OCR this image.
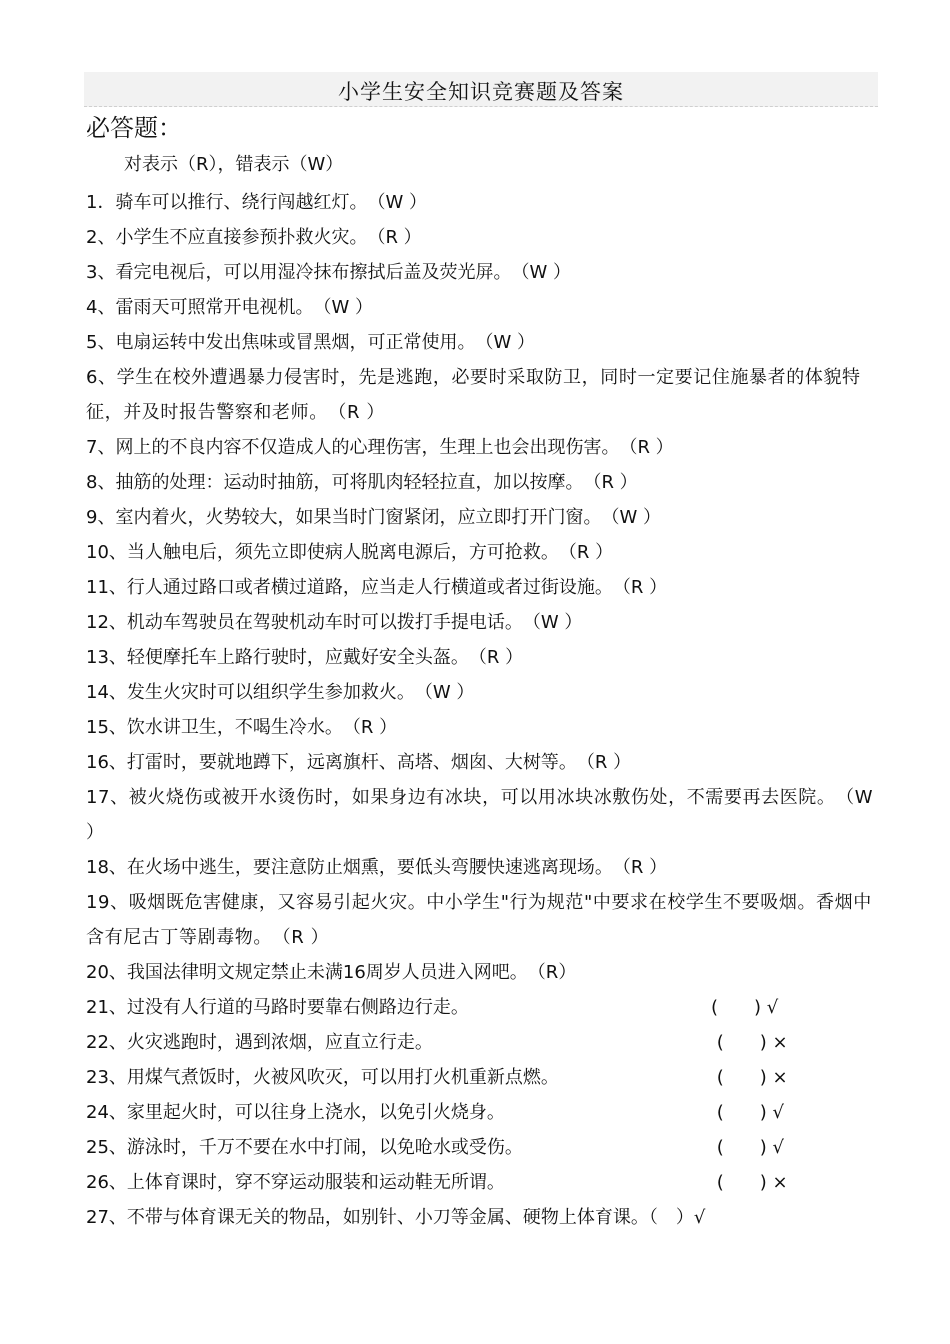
小学生安全知识竞赛题及答案
必答题：
对表示（R），错表示（W）
1．骑车可以推行、绕行闯越红灯。　（W ）
2、小学生不应直接参预扑救火灾。　（R ）
3、看完电视后，可以用湿冷抹布擦拭后盖及荧光屏。　（W ）
4、雷雨天可照常开电视机。　（W ）
5、电扇运转中发出焦味或冒黑烟，可正常使用。　（W ）
6、学生在校外遭遇暴力侵害时，先是逃跑，必要时采取防卫，同时一定要记住施暴者的体貌特征，并及时报告警察和老师。　（R ）
7、网上的不良内容不仅造成人的心理伤害，生理上也会出现伤害。　（R ）
8、抽筋的处理：运动时抽筋，可将肌肉轻轻拉直，加以按摩。　（R ）
9、室内着火，火势较大，如果当时门窗紧闭，应立即打开门窗。　（W ）
10、当人触电后，须先立即使病人脱离电源后，方可抢救。　（R ）
11、行人通过路口或者横过道路，应当走人行横道或者过街设施。　（R ）
12、机动车驾驶员在驾驶机动车时可以拨打手提电话。　（W ）
13、轻便摩托车上路行驶时，应戴好安全头盔。　（R ）
14、发生火灾时可以组织学生参加救火。　（W ）
15、饮水讲卫生，不喝生冷水。　（R ）
16、打雷时，要就地蹲下，远离旗杆、高塔、烟囱、大树等。　（R ）
17、被火烧伤或被开水烫伤时，如果身边有冰块，可以用冰块冰敷伤处，不需要再去医院。　（W ）
18、在火场中逃生，要注意防止烟熏，要低头弯腰快速逃离现场。　（R ）
19、吸烟既危害健康，又容易引起火灾。中小学生"行为规范"中要求在校学生不要吸烟。香烟中含有尼古丁等剧毒物。　（R ）
20、我国法律明文规定禁止未满16周岁人员进入网吧。　（R）
21、过没有人行道的马路时要靠右侧路边行走。	(　　) √
22、火灾逃跑时，遇到浓烟，应直立行走。	(　　) ×
23、用煤气煮饭时，火被风吹灭，可以用打火机重新点燃。	(　　) ×
24、家里起火时，可以往身上浇水，以免引火烧身。	(　　) √
25、游泳时，千万不要在水中打闹，以免呛水或受伤。	(　　) √
26、上体育课时，穿不穿运动服装和运动鞋无所谓。	(　　) ×
27、不带与体育课无关的物品，如别针、小刀等金属、硬物上体育课。（　）√
